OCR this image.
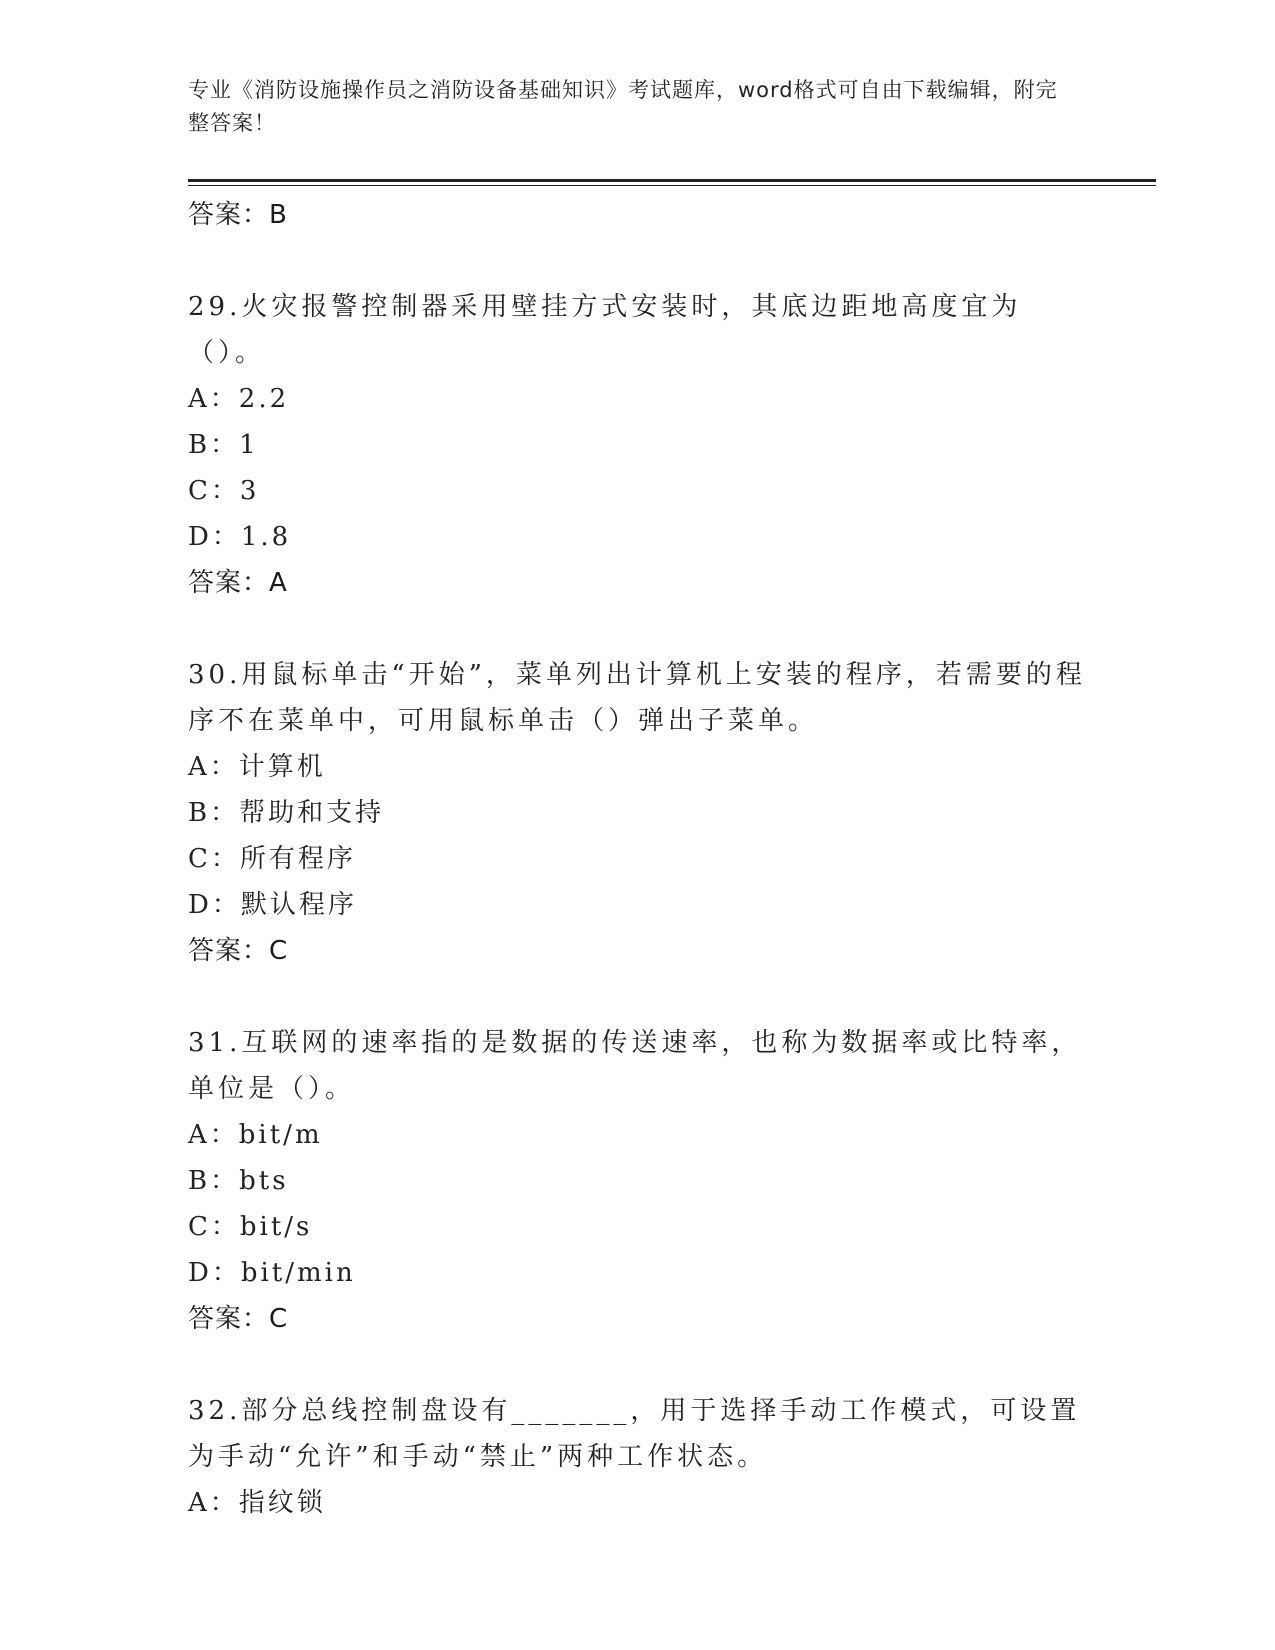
专业《消防设施操作员之消防设备基础知识》考试题库，word格式可自由下载编辑，附完整答案！
答案：B
29.火灾报警控制器采用壁挂方式安装时，其底边距地高度宜为（）。
A：2.2
B：1
C：3
D：1.8
答案：A
30.用鼠标单击“开始”，菜单列出计算机上安装的程序，若需要的程序不在菜单中，可用鼠标单击（）弹出子菜单。
A：计算机
B：帮助和支持
C：所有程序
D：默认程序
答案：C
31.互联网的速率指的是数据的传送速率，也称为数据率或比特率，单位是（）。
A：bit/m
B：bts
C：bit/s
D：bit/min
答案：C
32.部分总线控制盘设有_______，用于选择手动工作模式，可设置为手动“允许”和手动“禁止”两种工作状态。
A：指纹锁
